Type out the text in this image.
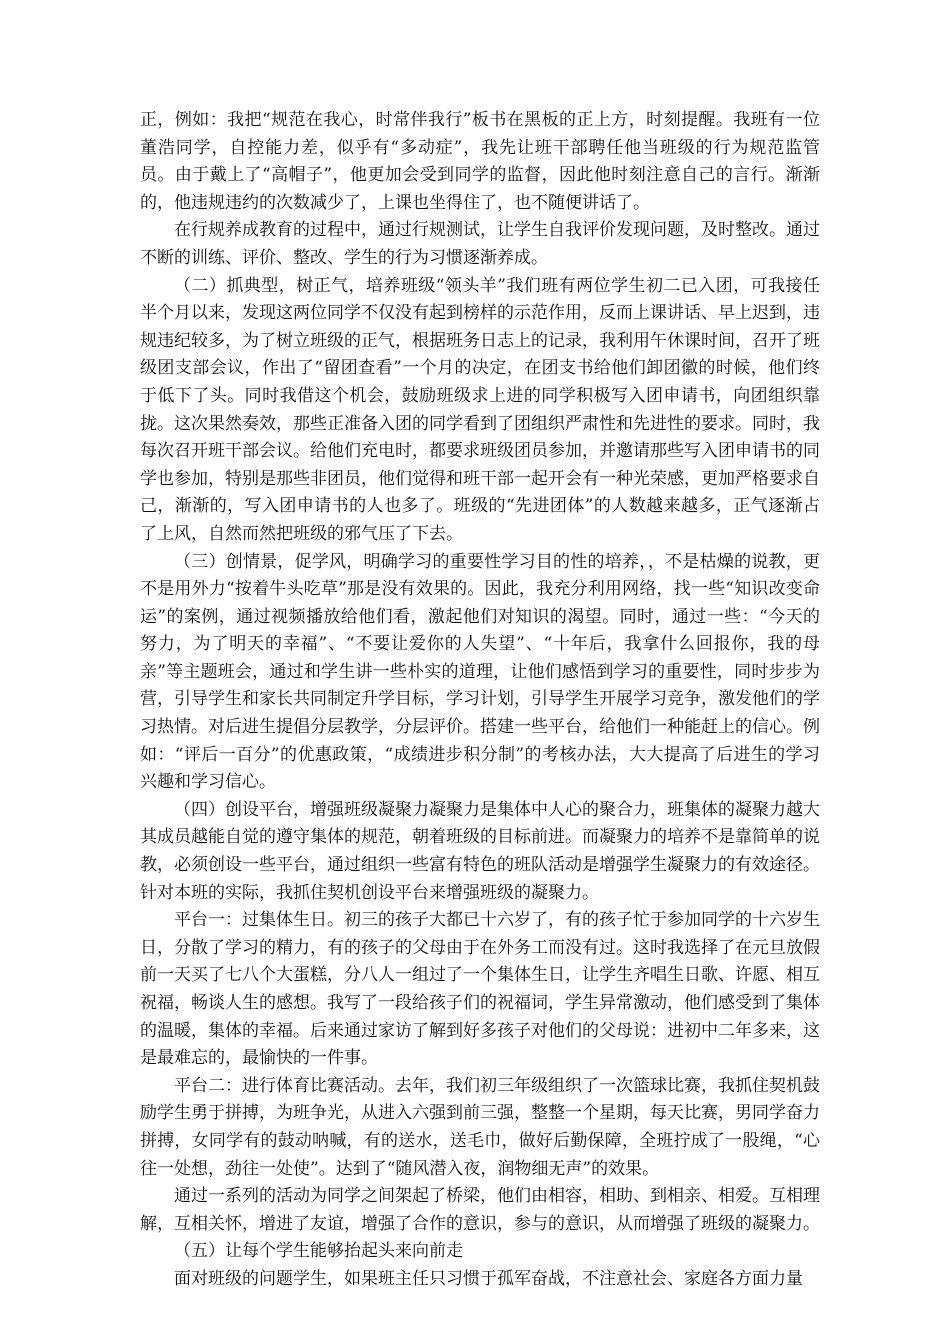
正，例如：我把“规范在我心，时常伴我行”板书在黑板的正上方，时刻提醒。我班有一位董浩同学，自控能力差，似乎有“多动症”，我先让班干部聘任他当班级的行为规范监管员。由于戴上了“高帽子”，他更加会受到同学的监督，因此他时刻注意自己的言行。渐渐的，他违规违约的次数减少了，上课也坐得住了，也不随便讲话了。

在行规养成教育的过程中，通过行规测试，让学生自我评价发现问题，及时整改。通过不断的训练、评价、整改、学生的行为习惯逐渐养成。

（二）抓典型，树正气，培养班级“领头羊”我们班有两位学生初二已入团，可我接任半个月以来，发现这两位同学不仅没有起到榜样的示范作用，反而上课讲话、早上迟到，违规违纪较多，为了树立班级的正气，根据班务日志上的记录，我利用午休课时间，召开了班级团支部会议，作出了“留团查看”一个月的决定，在团支书给他们卸团徽的时候，他们终于低下了头。同时我借这个机会，鼓励班级求上进的同学积极写入团申请书，向团组织靠拢。这次果然奏效，那些正准备入团的同学看到了团组织严肃性和先进性的要求。同时，我每次召开班干部会议。给他们充电时，都要求班级团员参加，并邀请那些写入团申请书的同学也参加，特别是那些非团员，他们觉得和班干部一起开会有一种光荣感，更加严格要求自己，渐渐的，写入团申请书的人也多了。班级的“先进团体”的人数越来越多，正气逐渐占了上风，自然而然把班级的邪气压了下去。

（三）创情景，促学风，明确学习的重要性学习目的性的培养，，不是枯燥的说教，更不是用外力“按着牛头吃草”那是没有效果的。因此，我充分利用网络，找一些“知识改变命运”的案例，通过视频播放给他们看，激起他们对知识的渴望。同时，通过一些：“今天的努力，为了明天的幸福”、“不要让爱你的人失望”、“十年后，我拿什么回报你，我的母亲”等主题班会，通过和学生讲一些朴实的道理，让他们感悟到学习的重要性，同时步步为营，引导学生和家长共同制定升学目标，学习计划，引导学生开展学习竞争，激发他们的学习热情。对后进生提倡分层教学，分层评价。搭建一些平台，给他们一种能赶上的信心。例如：“评后一百分”的优惠政策，“成绩进步积分制”的考核办法，大大提高了后进生的学习兴趣和学习信心。

（四）创设平台，增强班级凝聚力凝聚力是集体中人心的聚合力，班集体的凝聚力越大其成员越能自觉的遵守集体的规范，朝着班级的目标前进。而凝聚力的培养不是靠简单的说教，必须创设一些平台，通过组织一些富有特色的班队活动是增强学生凝聚力的有效途径。针对本班的实际，我抓住契机创设平台来增强班级的凝聚力。

平台一：过集体生日。初三的孩子大都已十六岁了，有的孩子忙于参加同学的十六岁生日，分散了学习的精力，有的孩子的父母由于在外务工而没有过。这时我选择了在元旦放假前一天买了七八个大蛋糕，分八人一组过了一个集体生日，让学生齐唱生日歌、许愿、相互祝福，畅谈人生的感想。我写了一段给孩子们的祝福词，学生异常激动，他们感受到了集体的温暖，集体的幸福。后来通过家访了解到好多孩子对他们的父母说：进初中二年多来，这是最难忘的，最愉快的一件事。

平台二：进行体育比赛活动。去年，我们初三年级组织了一次篮球比赛，我抓住契机鼓励学生勇于拼搏，为班争光，从进入六强到前三强，整整一个星期，每天比赛，男同学奋力拼搏，女同学有的鼓动呐喊，有的送水，送毛巾，做好后勤保障，全班拧成了一股绳，“心往一处想，劲往一处使”。达到了“随风潜入夜，润物细无声”的效果。

通过一系列的活动为同学之间架起了桥梁，他们由相容，相助、到相亲、相爱。互相理解，互相关怀，增进了友谊，增强了合作的意识，参与的意识，从而增强了班级的凝聚力。

（五）让每个学生能够抬起头来向前走

面对班级的问题学生，如果班主任只习惯于孤军奋战，不注意社会、家庭各方面力量
